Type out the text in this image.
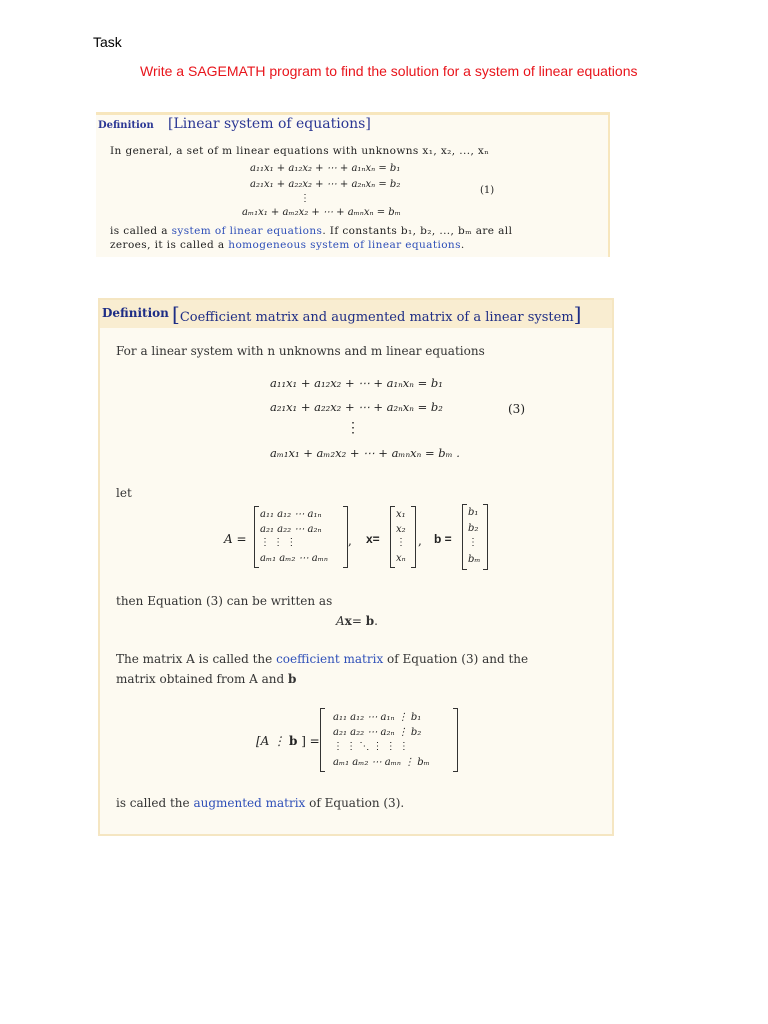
Task
Write a SAGEMATH program to find the solution for a system of linear equations
Definition [Linear system of equations]
In general, a set of m linear equations with unknowns x₁, x₂, ..., xₙ
a₁₁x₁ + a₁₂x₂ + ⋯ + a₁ₙxₙ = b₁
a₂₁x₁ + a₂₂x₂ + ⋯ + a₂ₙxₙ = b₂
⋮
(1)
aₘ₁x₁ + aₘ₂x₂ + ⋯ + aₘₙxₙ = bₘ
is called a system of linear equations. If constants b₁, b₂, ..., bₘ are all
zeroes, it is called a homogeneous system of linear equations.
Definition [Coefficient matrix and augmented matrix of a linear system]
For a linear system with n unknowns and m linear equations
a₁₁x₁ + a₁₂x₂ + ⋯ + a₁ₙxₙ = b₁
a₂₁x₁ + a₂₂x₂ + ⋯ + a₂ₙxₙ = b₂
⋮
(3)
aₘ₁x₁ + aₘ₂x₂ + ⋯ + aₘₙxₙ = bₘ .
let
A =
a₁₁ a₁₂ ⋯ a₁ₙ
a₂₁ a₂₂ ⋯ a₂ₙ
⋮ ⋮ ⋮
aₘ₁ aₘ₂ ⋯ aₘₙ
, x=
x₁
x₂
⋮
xₙ
, b =
b₁
b₂
⋮
bₘ
then Equation (3) can be written as
Ax= b.
The matrix A is called the coefficient matrix of Equation (3) and the
matrix obtained from A and b
[A ⋮ b ] =
a₁₁ a₁₂ ⋯ a₁ₙ ⋮ b₁
a₂₁ a₂₂ ⋯ a₂ₙ ⋮ b₂
⋮ ⋮ ⋱ ⋮ ⋮ ⋮
aₘ₁ aₘ₂ ⋯ aₘₙ ⋮ bₘ
is called the augmented matrix of Equation (3).
